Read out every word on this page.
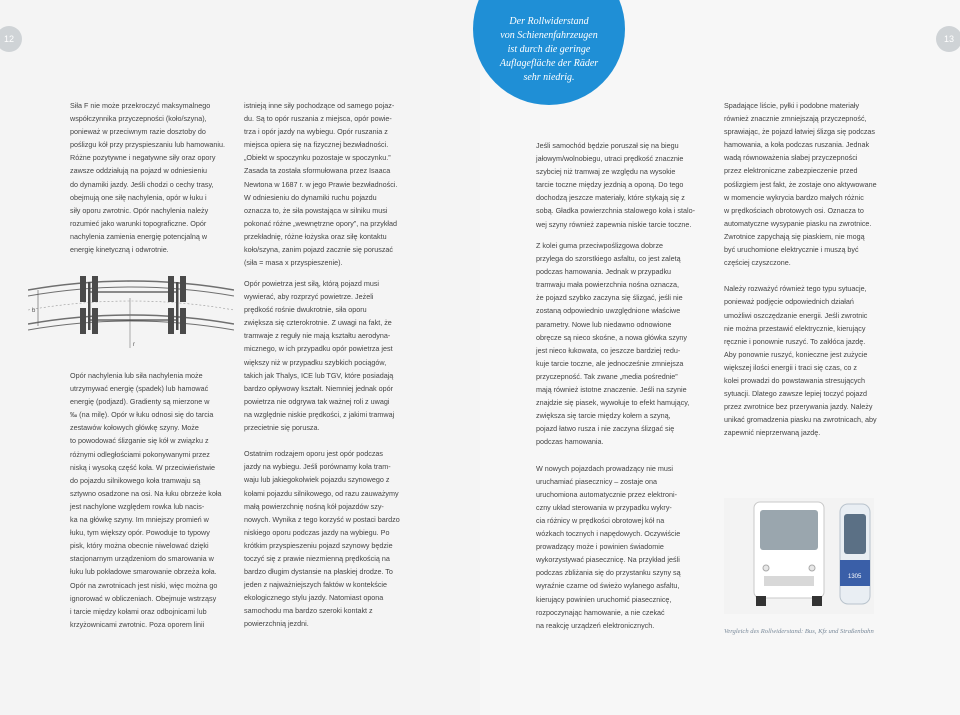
12	13
Der Rollwiderstand
von Schienenfahrzeugen
ist durch die geringe
Auflagefläche der Räder
sehr niedrig.
Siła F nie może przekroczyć maksymalnego
współczynnika przyczepności (koło/szyna),
ponieważ w przeciwnym razie dosztoby do
poślizgu kół przy przyspieszaniu lub hamowaniu.
Różne pozytywne i negatywne siły oraz opory
zawsze oddziałują na pojazd w odniesieniu
do dynamiki jazdy. Jeśli chodzi o cechy trasy,
obejmują one siłę nachylenia, opór w łuku i
siły oporu zwrotnic. Opór nachylenia należy
rozumieć jako warunki topograficzne. Opór
nachylenia zamienia energię potencjalną w
energię kinetyczną i odwrotnie.
b
r
Opór nachylenia lub siła nachylenia może
utrzymywać energię (spadek) lub hamować
energię (podjazd). Gradienty są mierzone w
‰ (na milę). Opór w łuku odnosi się do tarcia
zestawów kołowych główkę szyny. Może
to powodować ślizganie się kół w związku z
różnymi odległościami pokonywanymi przez
niską i wysoką część koła. W przeciwieństwie
do pojazdu silnikowego koła tramwaju są
sztywno osadzone na osi. Na łuku obrzeże koła
jest nachylone względem rowka lub nacis-
ka na główkę szyny. Im mniejszy promień w
łuku, tym większy opór. Powoduje to typowy
pisk, który można obecnie niwelować dzięki
stacjonarnym urządzeniom do smarowania w
łuku lub pokładowe smarowanie obrzeża koła.
Opór na zwrotnicach jest niski, więc można go
ignorować w obliczeniach. Obejmuje wstrząsy
i tarcie między kołami oraz odbojnicami lub
krzyżownicami zwrotnic. Poza oporem linii
istnieją inne siły pochodzące od samego pojaz-
du. Są to opór ruszania z miejsca, opór powie-
trza i opór jazdy na wybiegu. Opór ruszania z
miejsca opiera się na fizycznej bezwładności.
„Obiekt w spoczynku pozostaje w spoczynku.”
Zasada ta została sformułowana przez Isaaca
Newtona w 1687 r. w jego Prawie bezwładności.
W odniesieniu do dynamiki ruchu pojazdu
oznacza to, że siła powstająca w silniku musi
pokonać różne „wewnętrzne opory”, na przykład
przekładnię, różne łożyska oraz siłę kontaktu
koło/szyna, zanim pojazd zacznie się poruszać
(siła = masa x przyspieszenie).
Opór powietrza jest siłą, którą pojazd musi
wywierać, aby rozprzyć powietrze. Jeżeli
prędkość rośnie dwukrotnie, siła oporu
zwiększa się czterokrotnie. Z uwagi na fakt, że
tramwaje z reguły nie mają kształtu aerodyna-
micznego, w ich przypadku opór powietrza jest
większy niż w przypadku szybkich pociągów,
takich jak Thalys, ICE lub TGV, które posiadają
bardzo opływowy kształt. Niemniej jednak opór
powietrza nie odgrywa tak ważnej roli z uwagi
na względnie niskie prędkości, z jakimi tramwaj
przecietnie się porusza.

Ostatnim rodzajem oporu jest opór podczas
jazdy na wybiegu. Jeśli porównamy koła tram-
waju lub jakiegokolwiek pojazdu szynowego z
kołami pojazdu silnikowego, od razu zauważymy
małą powierzchnię nośną kół pojazdów szy-
nowych. Wynika z tego korzyść w postaci bardzo
niskiego oporu podczas jazdy na wybiegu. Po
krótkim przyspieszeniu pojazd szynowy będzie
toczyć się z prawie niezmienną prędkością na
bardzo długim dystansie na płaskiej drodze. To
jeden z najważniejszych faktów w kontekście
ekologicznego stylu jazdy. Natomiast opona
samochodu ma bardzo szeroki kontakt z
powierzchnią jezdni.
Jeśli samochód będzie poruszał się na biegu
jałowym/wolnobiegu, utraci prędkość znacznie
szybciej niż tramwaj ze względu na wysokie
tarcie toczne między jezdnią a oponą. Do tego
dochodzą jeszcze materiały, które stykają się z
sobą. Gładka powierzchnia stalowego koła i stalo-
wej szyny również zapewnia niskie tarcie toczne.
Z kolei guma przeciwpoślizgowa dobrze
przylega do szorstkiego asfaltu, co jest zaletą
podczas hamowania. Jednak w przypadku
tramwaju mała powierzchnia nośna oznacza,
że pojazd szybko zaczyna się ślizgać, jeśli nie
zostaną odpowiednio uwzględnione właściwe
parametry. Nowe lub niedawno odnowione
obręcze są nieco skośne, a nowa główka szyny
jest nieco łukowata, co jeszcze bardziej redu-
kuje tarcie toczne, ale jednocześnie zmniejsza
przyczepność. Tak zwane „media pośrednie”
mają również istotne znaczenie. Jeśli na szynie
znajdzie się piasek, wywołuje to efekt hamujący,
zwiększa się tarcie między kołem a szyną,
pojazd łatwo rusza i nie zaczyna ślizgać się
podczas hamowania.

W nowych pojazdach prowadzący nie musi
uruchamiać piasecznicy – zostaje ona
uruchomiona automatycznie przez elektroni-
czny układ sterowania w przypadku wykry-
cia różnicy w prędkości obrotowej kół na
wózkach tocznych i napędowych. Oczywiście
prowadzący może i powinien świadomie
wykorzystywać piasecznicę. Na przykład jeśli
podczas zbliżania się do przystanku szyny są
wyraźnie czarne od świeżo wylanego asfaltu,
kierujący powinien uruchomić piasecznicę,
rozpoczynając hamowanie, a nie czekać
na reakcję urządzeń elektronicznych.
Spadające liście, pyłki i podobne materiały
również znacznie zmniejszają przyczepność,
sprawiając, że pojazd łatwiej ślizga się podczas
hamowania, a koła podczas ruszania. Jednak
wadą równoważenia słabej przyczepności
przez elektroniczne zabezpieczenie przed
poślizgiem jest fakt, że zostaje ono aktywowane
w momencie wykrycia bardzo małych różnic
w prędkościach obrotowych osi. Oznacza to
automatyczne wysypanie piasku na zwrotnice.
Zwrotnice zapychają się piaskiem, nie mogą
być uruchomione elektrycznie i muszą być
częściej czyszczone.

Należy rozważyć również tego typu sytuacje,
ponieważ podjęcie odpowiednich działań
umożliwi oszczędzanie energii. Jeśli zwrotnic
nie można przestawić elektrycznie, kierujący
ręcznie i ponownie ruszyć. To zakłóca jazdę.
Aby ponownie ruszyć, konieczne jest zużycie
większej ilości energii i traci się czas, co z
kolei prowadzi do powstawania stresujących
sytuacji. Dlatego zawsze lepiej toczyć pojazd
przez zwrotnice bez przerywania jazdy. Należy
unikać gromadzenia piasku na zwrotnicach, aby
zapewnić nieprzerwaną jazdę.
1305
Vergleich des Rollwiderstand: Bus, Kfz und Straßenbahn
